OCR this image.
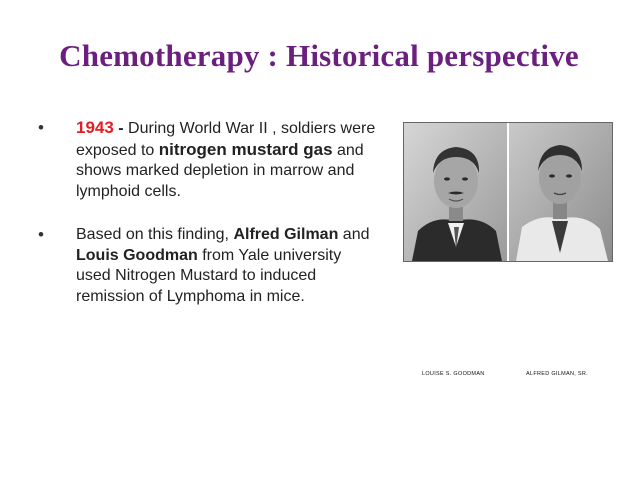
Chemotherapy : Historical perspective
• 1943 - During World War II , soldiers were exposed to nitrogen mustard gas and shows marked depletion in marrow and lymphoid cells.
• Based on this finding, Alfred Gilman and Louis Goodman from Yale university used Nitrogen Mustard to induced remission of Lymphoma in mice.
LOUISE S. GOODMAN	ALFRED GILMAN, SR.
